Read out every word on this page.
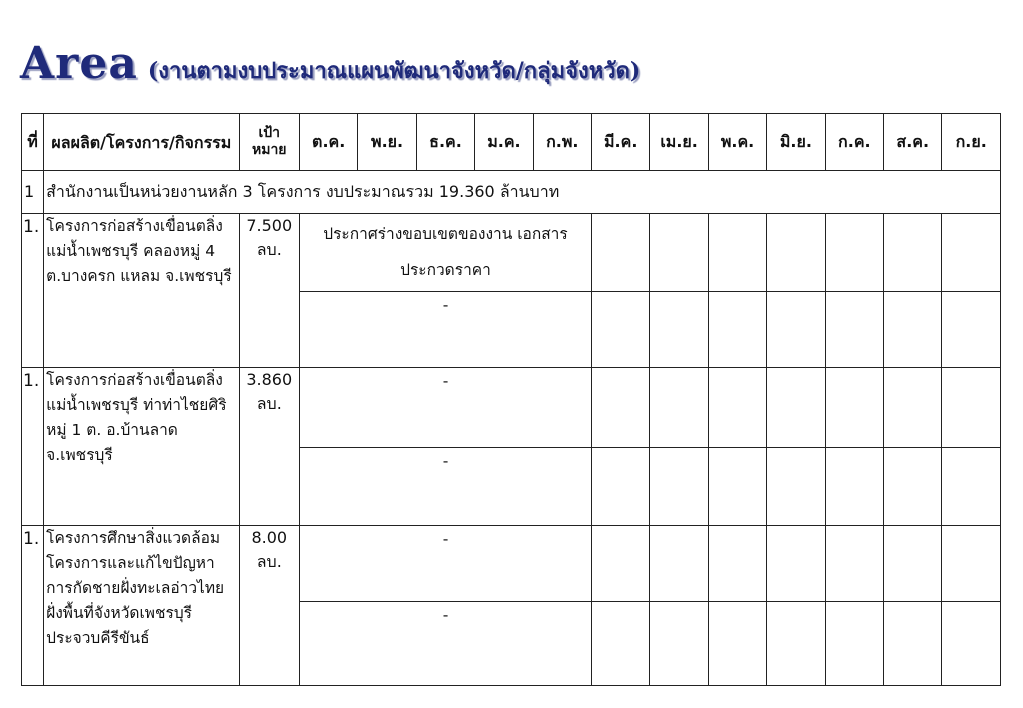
Area (งานตามงบประมาณแผนพัฒนาจังหวัด/กลุ่มจังหวัด)
ที่	ผลผลิต/โครงการ/กิจกรรม	เป้าหมาย	ต.ค.	พ.ย.	ธ.ค.	ม.ค.	ก.พ.	มี.ค.	เม.ย.	พ.ค.	มิ.ย.	ก.ค.	ส.ค.	ก.ย.
1	สำนักงานเป็นหน่วยงานหลัก 3 โครงการ งบประมาณรวม 19.360 ล้านบาท													
1.	โครงการก่อสร้างเขื่อนตลิ่งแม่น้ำเพชรบุรี คลองหมู่ 4 ต.บางครก แหลม จ.เพชรบุรี	7.500 ลบ.	ประกาศร่างขอบเขตของงาน เอกสารประกวดราคา											
			-											
1.	โครงการก่อสร้างเขื่อนตลิ่งแม่น้ำเพชรบุรี ท่าท่าไชยศิริ หมู่ 1 ต. อ.บ้านลาด จ.เพชรบุรี	3.860 ลบ.	-											
			-											
1.	โครงการศึกษาสิ่งแวดล้อม โครงการและแก้ไขปัญหาการกัดชายฝั่งทะเลอ่าวไทยฝั่งพื้นที่จังหวัดเพชรบุรี ประจวบคีรีขันธ์	8.00 ลบ.	-											
			-											
